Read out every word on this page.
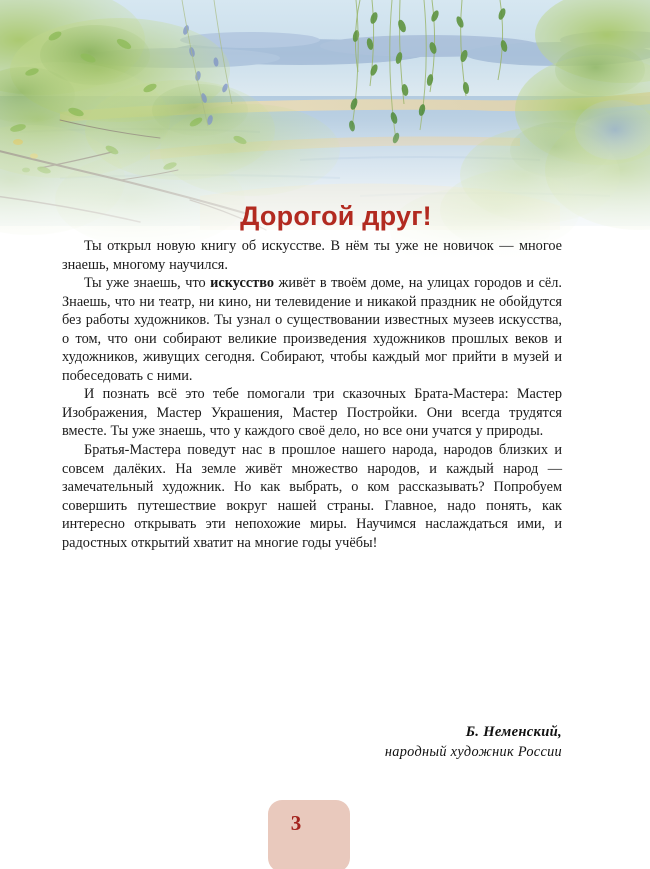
Дорогой друг!

Ты открыл новую книгу об искусстве. В нём ты уже не новичок — многое знаешь, многому научился.

Ты уже знаешь, что искусство живёт в твоём доме, на улицах городов и сёл. Знаешь, что ни театр, ни кино, ни телевидение и никакой праздник не обойдутся без работы художников. Ты узнал о существовании известных музеев искусства, о том, что они собирают великие произведения художников прошлых веков и художников, живущих сегодня. Собирают, чтобы каждый мог прийти в музей и побеседовать с ними.

И познать всё это тебе помогали три сказочных Брата-Мастера: Мастер Изображения, Мастер Украшения, Мастер Постройки. Они всегда трудятся вместе. Ты уже знаешь, что у каждого своё дело, но все они учатся у природы.

Братья-Мастера поведут нас в прошлое нашего народа, народов близких и совсем далёких. На земле живёт множество народов, и каждый народ — замечательный художник. Но как выбрать, о ком рассказывать? Попробуем совершить путешествие вокруг нашей страны. Главное, надо понять, как интересно открывать эти непохожие миры. Научимся наслаждаться ими, и радостных открытий хватит на многие годы учёбы!

Б. Неменский,
народный художник России
3
